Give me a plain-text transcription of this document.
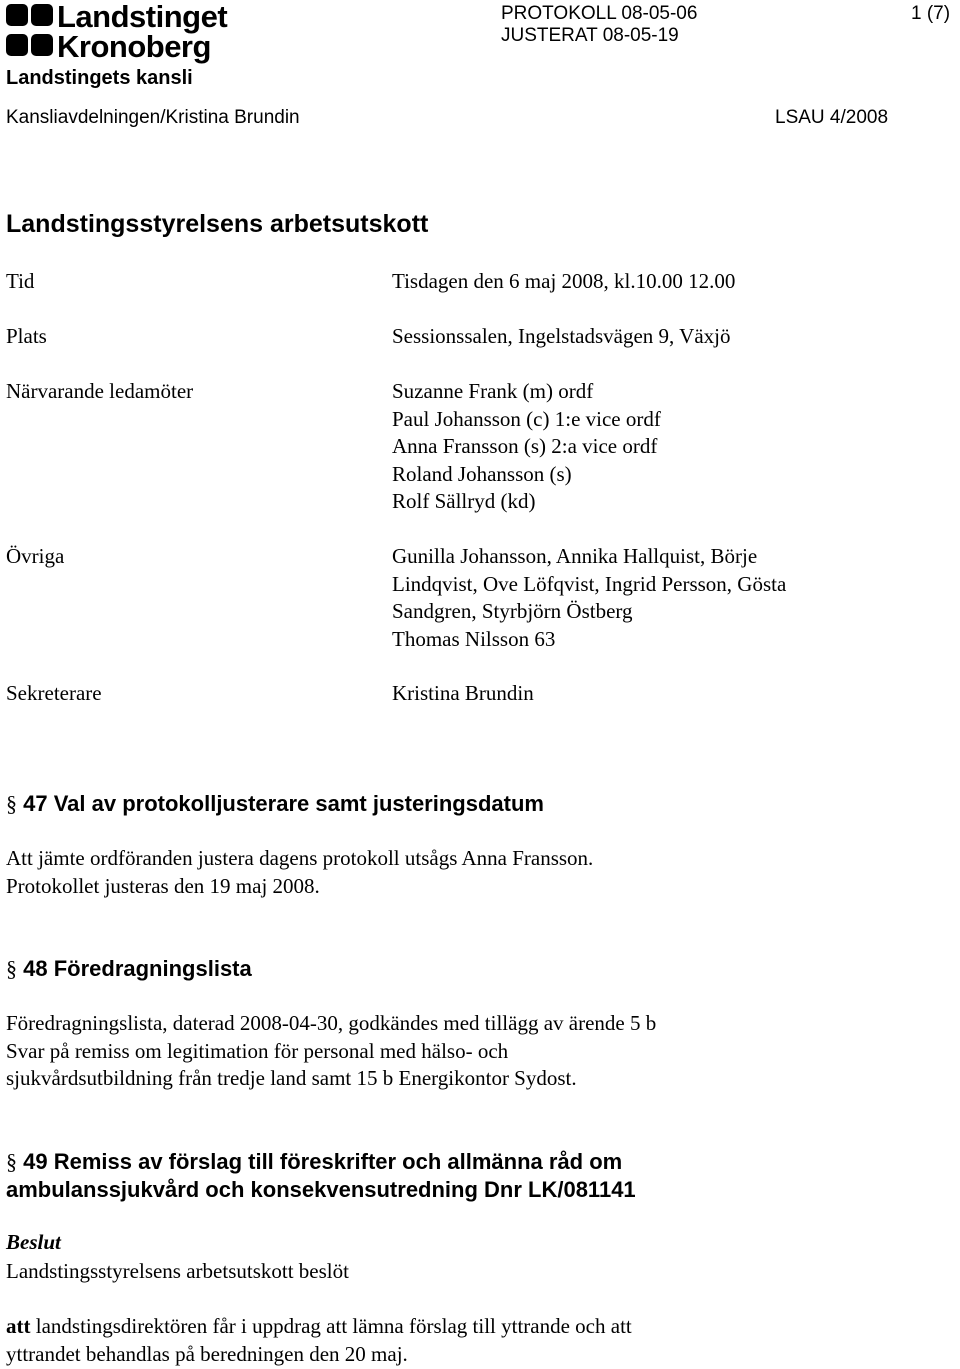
Landstinget
Kronoberg
PROTOKOLL 08-05-06
JUSTERAT 08-05-19
1 (7)
Landstingets kansli
Kansliavdelningen/Kristina Brundin	LSAU 4/2008
Landstingsstyrelsens arbetsutskott
Tid
Plats
Närvarande ledamöter
Övriga
Sekreterare
Tisdagen den 6 maj 2008, kl.10.00 12.00
Sessionssalen, Ingelstadsvägen 9, Växjö
Suzanne Frank (m) ordf
Paul Johansson (c) 1:e vice ordf
Anna Fransson (s) 2:a vice ordf
Roland Johansson (s)
Rolf Sällryd (kd)
Gunilla Johansson, Annika Hallquist, Börje
Lindqvist, Ove Löfqvist, Ingrid Persson, Gösta
Sandgren, Styrbjörn Östberg
Thomas Nilsson 63
Kristina Brundin
§ 47 Val av protokolljusterare samt justeringsdatum
Att jämte ordföranden justera dagens protokoll utsågs Anna Fransson.
Protokollet justeras den 19 maj 2008.
§ 48 Föredragningslista
Föredragningslista, daterad 2008-04-30, godkändes med tillägg av ärende 5 b
Svar på remiss om legitimation för personal med hälso- och
sjukvårdsutbildning från tredje land samt 15 b Energikontor Sydost.
§ 49 Remiss av förslag till föreskrifter och allmänna råd om
ambulanssjukvård och konsekvensutredning Dnr LK/081141
Beslut
Landstingsstyrelsens arbetsutskott beslöt
att landstingsdirektören får i uppdrag att lämna förslag till yttrande och att
yttrandet behandlas på beredningen den 20 maj.
